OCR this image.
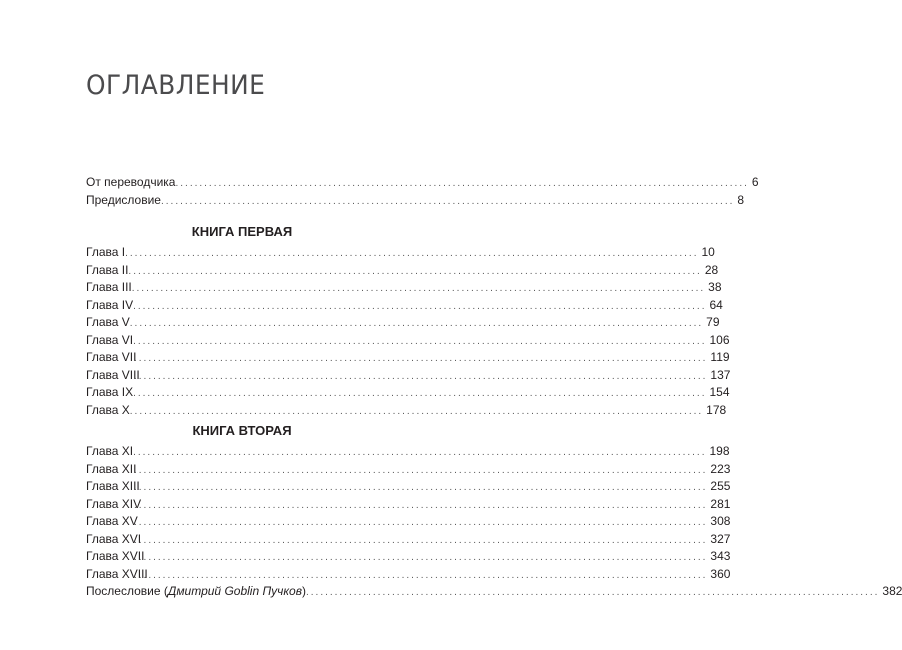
ОГЛАВЛЕНИЕ
От переводчика ........................................................................................................................ 6
Предисловие ........................................................................................................................ 8
КНИГА ПЕРВАЯ
Глава I ........................................................................................................................ 10
Глава II ........................................................................................................................ 28
Глава III ........................................................................................................................ 38
Глава IV ........................................................................................................................ 64
Глава V ........................................................................................................................ 79
Глава VI ........................................................................................................................ 106
Глава VII
........................................................................................................................ 119
Глава VIII
........................................................................................................................ 137
Глава IX ........................................................................................................................ 154
Глава X ........................................................................................................................ 178
КНИГА ВТОРАЯ
Глава XI ........................................................................................................................ 198
Глава XII
........................................................................................................................ 223
Глава XIII
........................................................................................................................ 255
Глава XIV
........................................................................................................................ 281
Глава XV
........................................................................................................................ 308
Глава XVI
........................................................................................................................ 327
Глава XVII
........................................................................................................................ 343
Глава XVIII
........................................................................................................................ 360
Послесловие (Дмитрий Goblin Пучков) ........................................................................................................................ 382
